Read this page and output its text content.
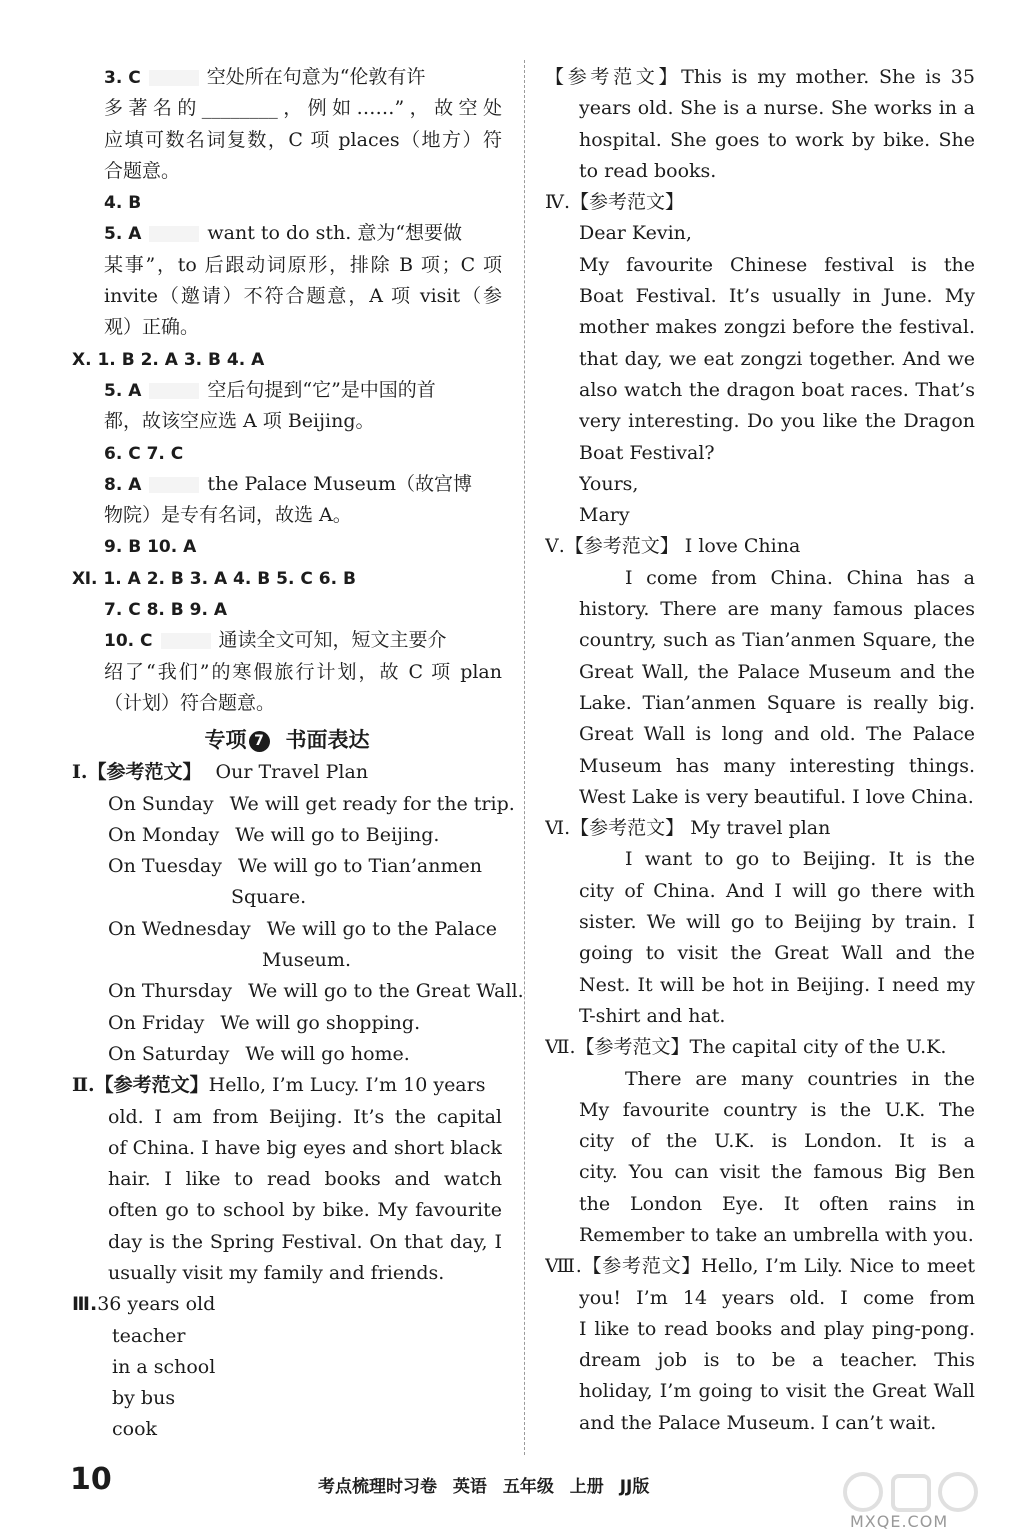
3. C	空处所在句意为“伦敦有许
多著名的________，例如……”，故空处
应填可数名词复数，C 项 places（地方）符
合题意。
4. B
5. A	want to do sth. 意为“想要做
某事”，to 后跟动词原形，排除 B 项；C 项
invite（邀请）不符合题意，A 项 visit（参
观）正确。
Ⅹ. 1. B 2. A 3. B 4. A
5. A	空后句提到“它”是中国的首
都，故该空应选 A 项 Beijing。
6. C 7. C
8. A	the Palace Museum（故宫博
物院）是专有名词，故选 A。
9. B 10. A
Ⅺ. 1. A 2. B 3. A 4. B 5. C 6. B
7. C 8. B 9. A
10. C	通读全文可知，短文主要介
绍了“我们”的寒假旅行计划，故 C 项 plan
（计划）符合题意。
专项 7 书面表达
Ⅰ.【参考范文】 Our Travel Plan
On Sunday We will get ready for the trip.
On Monday We will go to Beijing.
On Tuesday We will go to Tian’anmen
Square.
On Wednesday We will go to the Palace
Museum.
On Thursday We will go to the Great Wall.
On Friday We will go shopping.
On Saturday We will go home.
Ⅱ.【参考范文】Hello, I’m Lucy. I’m 10 years
old. I am from Beijing. It’s the capital
of China. I have big eyes and short black
hair. I like to read books and watch
often go to school by bike. My favourite
day is the Spring Festival. On that day, I
usually visit my family and friends.
Ⅲ.36 years old
teacher
in a school
by bus
cook
【参考范文】This is my mother. She is 35
years old. She is a nurse. She works in a
hospital. She goes to work by bike. She
to read books.
Ⅳ.【参考范文】
Dear Kevin,
My favourite Chinese festival is the
Boat Festival. It’s usually in June. My
mother makes zongzi before the festival.
that day, we eat zongzi together. And we
also watch the dragon boat races. That’s
very interesting. Do you like the Dragon
Boat Festival?
Yours,
Mary
Ⅴ.【参考范文】 I love China
I come from China. China has a
history. There are many famous places
country, such as Tian’anmen Square, the
Great Wall, the Palace Museum and the
Lake. Tian’anmen Square is really big.
Great Wall is long and old. The Palace
Museum has many interesting things.
West Lake is very beautiful. I love China.
Ⅵ.【参考范文】 My travel plan
I want to go to Beijing. It is the
city of China. And I will go there with
sister. We will go to Beijing by train. I
going to visit the Great Wall and the
Nest. It will be hot in Beijing. I need my
T-shirt and hat.
Ⅶ.【参考范文】The capital city of the U.K.
There are many countries in the
My favourite country is the U.K. The
city of the U.K. is London. It is a
city. You can visit the famous Big Ben
the London Eye. It often rains in
Remember to take an umbrella with you.
Ⅷ.【参考范文】Hello, I’m Lily. Nice to meet
you! I’m 14 years old. I come from
I like to read books and play ping-pong.
dream job is to be a teacher. This
holiday, I’m going to visit the Great Wall
and the Palace Museum. I can’t wait.
10	考点梳理时习卷 英语 五年级 上册 JJ版
MXQE.COM
